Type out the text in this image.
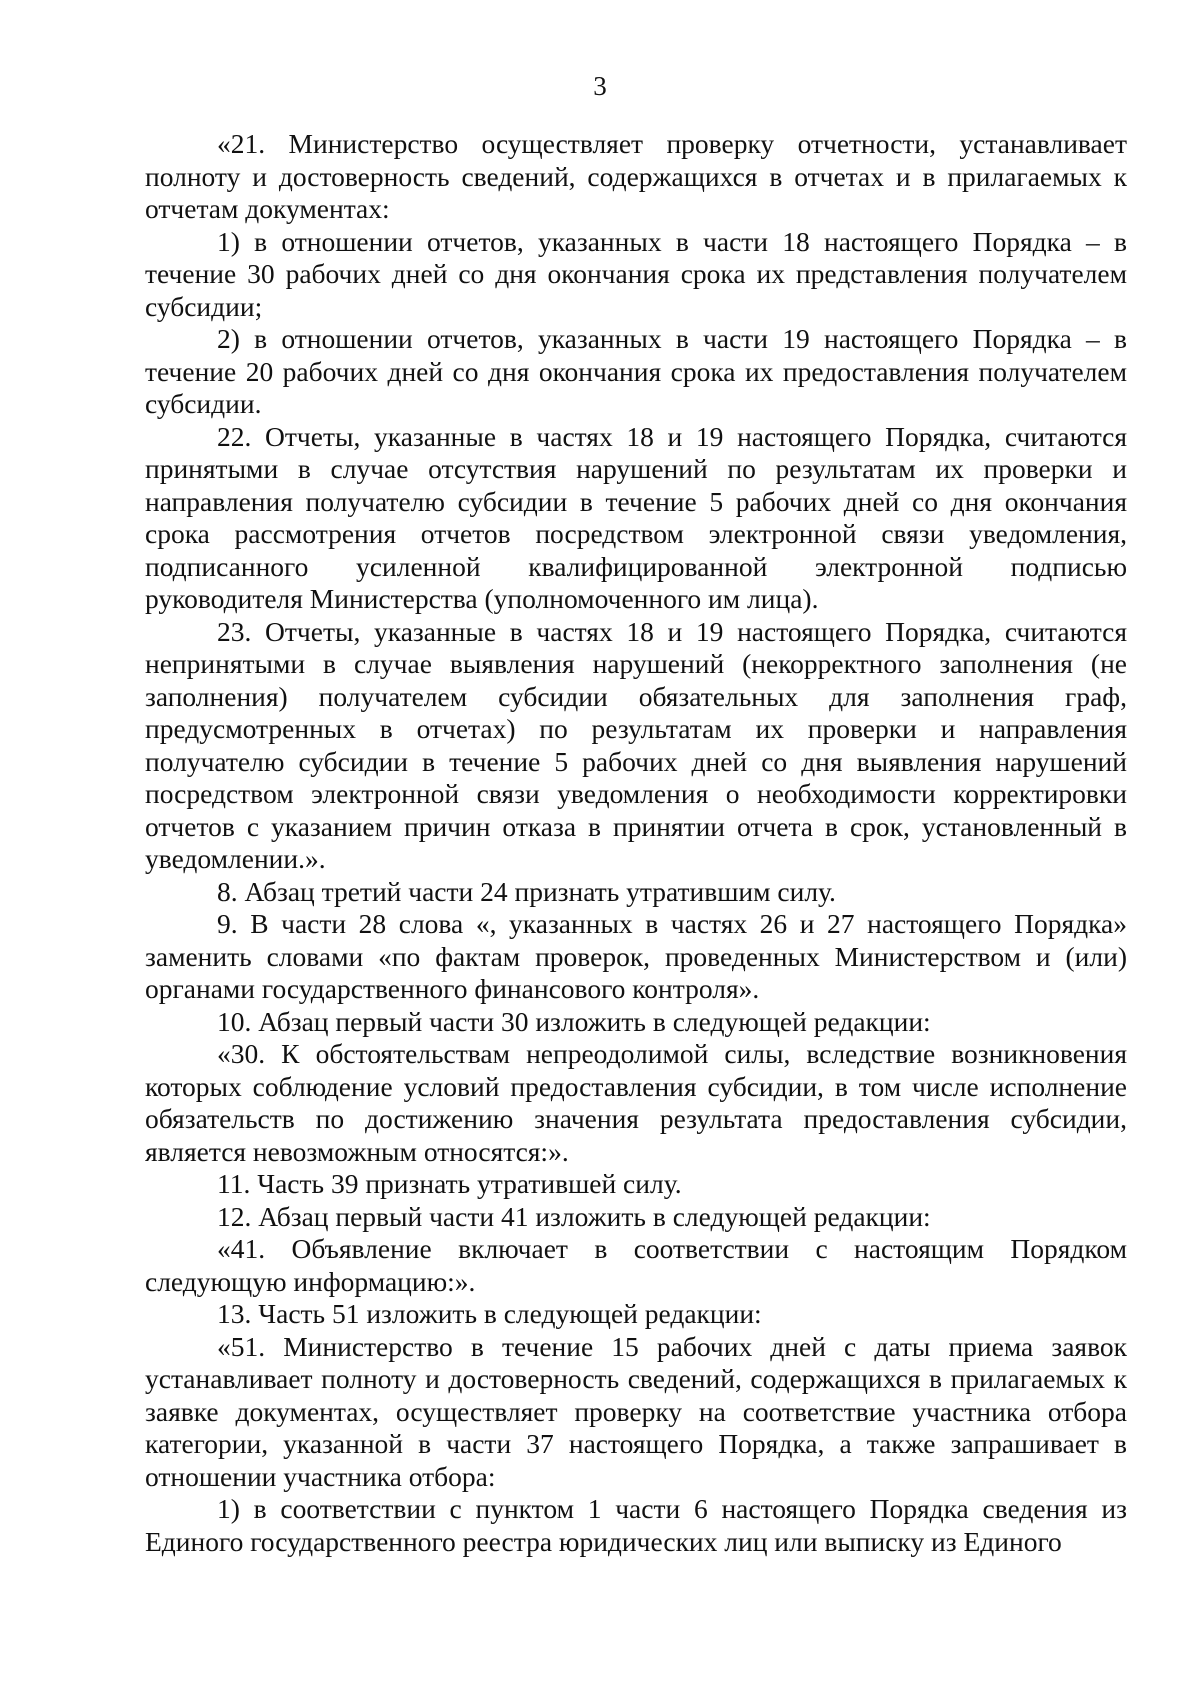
3

«21. Министерство осуществляет проверку отчетности, устанавливает полноту и достоверность сведений, содержащихся в отчетах и в прилагаемых к отчетам документах:

1) в отношении отчетов, указанных в части 18 настоящего Порядка – в течение 30 рабочих дней со дня окончания срока их представления получателем субсидии;

2) в отношении отчетов, указанных в части 19 настоящего Порядка – в течение 20 рабочих дней со дня окончания срока их предоставления получателем субсидии.

22. Отчеты, указанные в частях 18 и 19 настоящего Порядка, считаются принятыми в случае отсутствия нарушений по результатам их проверки и направления получателю субсидии в течение 5 рабочих дней со дня окончания срока рассмотрения отчетов посредством электронной связи уведомления, подписанного усиленной квалифицированной электронной подписью руководителя Министерства (уполномоченного им лица).

23. Отчеты, указанные в частях 18 и 19 настоящего Порядка, считаются непринятыми в случае выявления нарушений (некорректного заполнения (не заполнения) получателем субсидии обязательных для заполнения граф, предусмотренных в отчетах) по результатам их проверки и направления получателю субсидии в течение 5 рабочих дней со дня выявления нарушений посредством электронной связи уведомления о необходимости корректировки отчетов с указанием причин отказа в принятии отчета в срок, установленный в уведомлении.».

8. Абзац третий части 24 признать утратившим силу.

9. В части 28 слова «, указанных в частях 26 и 27 настоящего Порядка» заменить словами «по фактам проверок, проведенных Министерством и (или) органами государственного финансового контроля».

10. Абзац первый части 30 изложить в следующей редакции:

«30. К обстоятельствам непреодолимой силы, вследствие возникновения которых соблюдение условий предоставления субсидии, в том числе исполнение обязательств по достижению значения результата предоставления субсидии, является невозможным относятся:».

11. Часть 39 признать утратившей силу.

12. Абзац первый части 41 изложить в следующей редакции:

«41. Объявление включает в соответствии с настоящим Порядком следующую информацию:».

13. Часть 51 изложить в следующей редакции:

«51. Министерство в течение 15 рабочих дней с даты приема заявок устанавливает полноту и достоверность сведений, содержащихся в прилагаемых к заявке документах, осуществляет проверку на соответствие участника отбора категории, указанной в части 37 настоящего Порядка, а также запрашивает в отношении участника отбора:

1) в соответствии с пунктом 1 части 6 настоящего Порядка сведения из Единого государственного реестра юридических лиц или выписку из Единого
